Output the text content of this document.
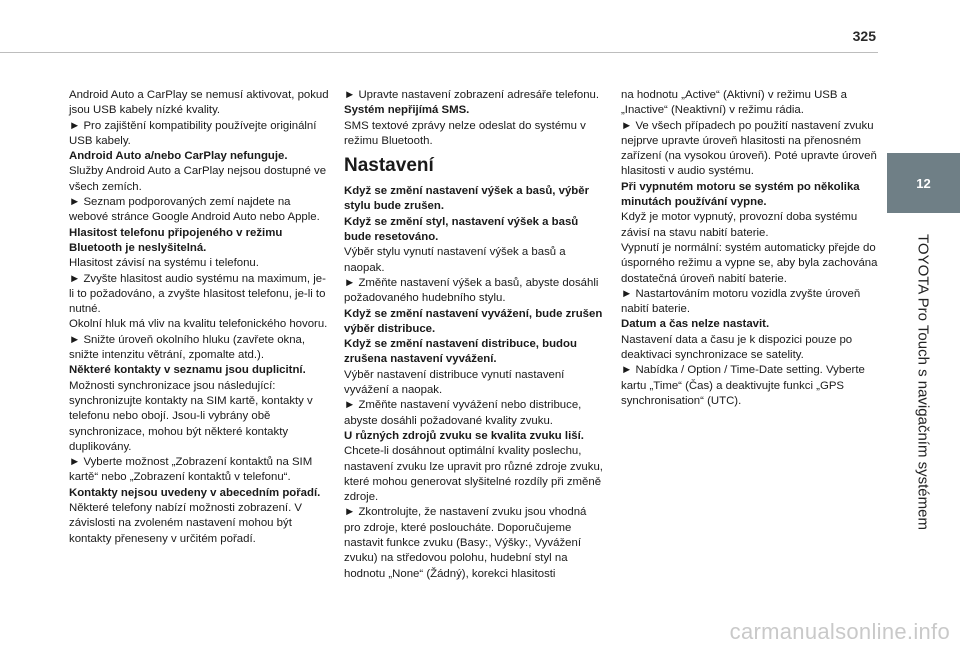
325
12
TOYOTA Pro Touch s navigačním systémem

Android Auto a CarPlay se nemusí aktivovat, pokud jsou USB kabely nízké kvality.

► Pro zajištění kompatibility používejte originální USB kabely.

Android Auto a/nebo CarPlay nefunguje.

Služby Android Auto a CarPlay nejsou dostupné ve všech zemích.

► Seznam podporovaných zemí najdete na webové stránce Google Android Auto nebo Apple.

Hlasitost telefonu připojeného v režimu Bluetooth je neslyšitelná.

Hlasitost závisí na systému i telefonu.

► Zvyšte hlasitost audio systému na maximum, je-li to požadováno, a zvyšte hlasitost telefonu, je-li to nutné.

Okolní hluk má vliv na kvalitu telefonického hovoru.

► Snižte úroveň okolního hluku (zavřete okna, snižte intenzitu větrání, zpomalte atd.).

Některé kontakty v seznamu jsou duplicitní.

Možnosti synchronizace jsou následující: synchronizujte kontakty na SIM kartě, kontakty v telefonu nebo obojí. Jsou-li vybrány obě synchronizace, mohou být některé kontakty duplikovány.

► Vyberte možnost „Zobrazení kontaktů na SIM kartě“ nebo „Zobrazení kontaktů v telefonu“.

Kontakty nejsou uvedeny v abecedním pořadí.

Některé telefony nabízí možnosti zobrazení. V závislosti na zvoleném nastavení mohou být kontakty přeneseny v určitém pořadí.

► Upravte nastavení zobrazení adresáře telefonu.

Systém nepřijímá SMS.

SMS textové zprávy nelze odeslat do systému v režimu Bluetooth.

Nastavení

Když se změní nastavení výšek a basů, výběr stylu bude zrušen.

Když se změní styl, nastavení výšek a basů bude resetováno.

Výběr stylu vynutí nastavení výšek a basů a naopak.

► Změňte nastavení výšek a basů, abyste dosáhli požadovaného hudebního stylu.

Když se změní nastavení vyvážení, bude zrušen výběr distribuce.

Když se změní nastavení distribuce, budou zrušena nastavení vyvážení.

Výběr nastavení distribuce vynutí nastavení vyvážení a naopak.

► Změňte nastavení vyvážení nebo distribuce, abyste dosáhli požadované kvality zvuku.

U různých zdrojů zvuku se kvalita zvuku liší.

Chcete-li dosáhnout optimální kvality poslechu, nastavení zvuku lze upravit pro různé zdroje zvuku, které mohou generovat slyšitelné rozdíly při změně zdroje.

► Zkontrolujte, že nastavení zvuku jsou vhodná pro zdroje, které posloucháte. Doporučujeme nastavit funkce zvuku (Basy:, Výšky:, Vyvážení zvuku) na středovou polohu, hudební styl na hodnotu „None“ (Žádný), korekci hlasitosti

na hodnotu „Active“ (Aktivní) v režimu USB a „Inactive“ (Neaktivní) v režimu rádia.

► Ve všech případech po použití nastavení zvuku nejprve upravte úroveň hlasitosti na přenosném zařízení (na vysokou úroveň). Poté upravte úroveň hlasitosti v audio systému.

Při vypnutém motoru se systém po několika minutách používání vypne.

Když je motor vypnutý, provozní doba systému závisí na stavu nabití baterie.

Vypnutí je normální: systém automaticky přejde do úsporného režimu a vypne se, aby byla zachována dostatečná úroveň nabití baterie.

► Nastartováním motoru vozidla zvyšte úroveň nabití baterie.

Datum a čas nelze nastavit.

Nastavení data a času je k dispozici pouze po deaktivaci synchronizace se satelity.

► Nabídka / Option / Time-Date setting. Vyberte kartu „Time“ (Čas) a deaktivujte funkci „GPS synchronisation“ (UTC).

carmanualsonline.info
